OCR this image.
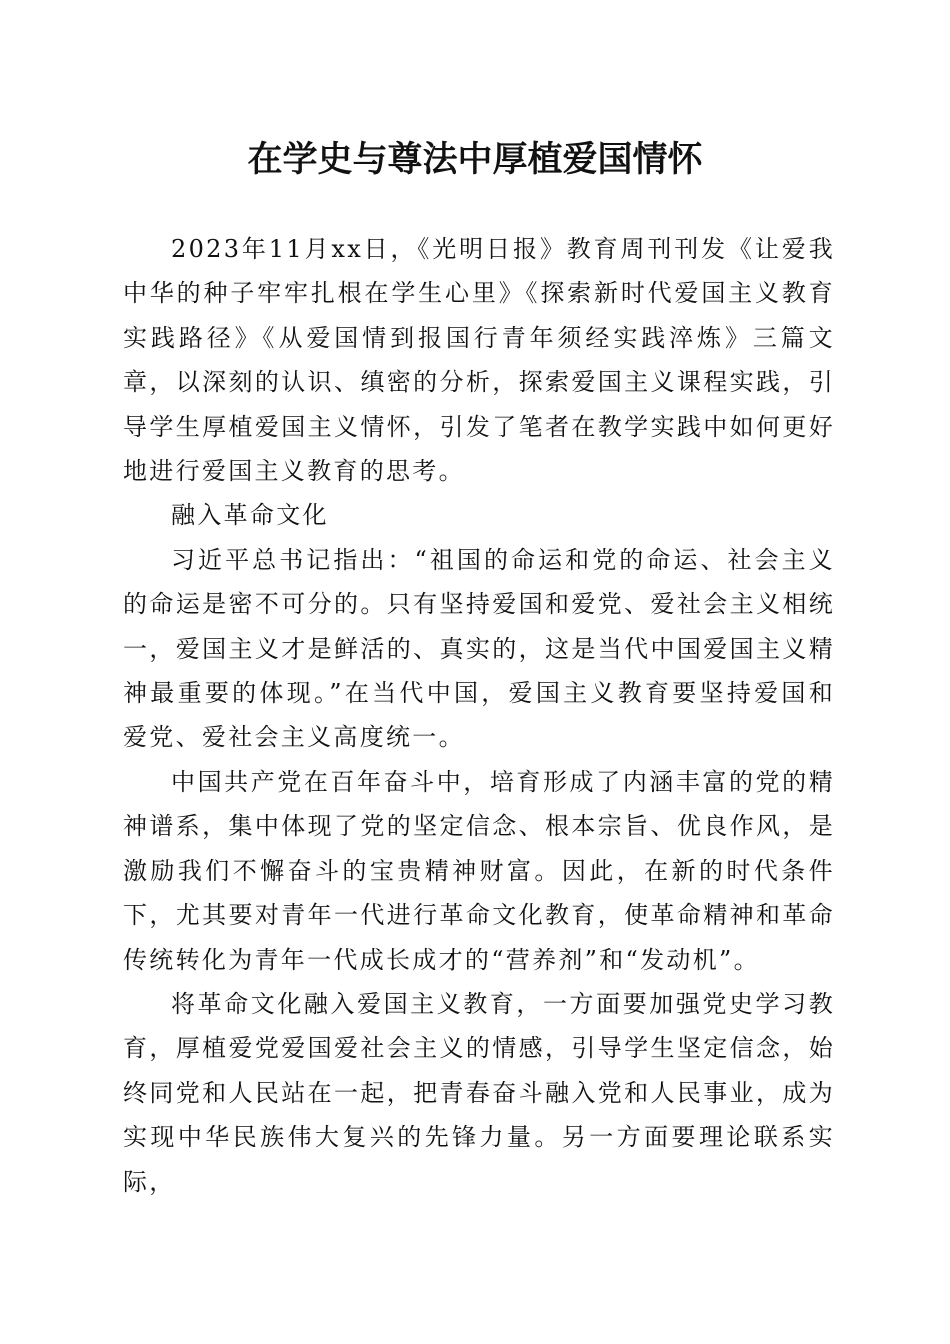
在学史与尊法中厚植爱国情怀

2023年11月xx日，《光明日报》教育周刊刊发《让爱我中华的种子牢牢扎根在学生心里》《探索新时代爱国主义教育实践路径》《从爱国情到报国行青年须经实践淬炼》三篇文章，以深刻的认识、缜密的分析，探索爱国主义课程实践，引导学生厚植爱国主义情怀，引发了笔者在教学实践中如何更好地进行爱国主义教育的思考。

融入革命文化

习近平总书记指出：“祖国的命运和党的命运、社会主义的命运是密不可分的。只有坚持爱国和爱党、爱社会主义相统一，爱国主义才是鲜活的、真实的，这是当代中国爱国主义精神最重要的体现。”在当代中国，爱国主义教育要坚持爱国和爱党、爱社会主义高度统一。

中国共产党在百年奋斗中，培育形成了内涵丰富的党的精神谱系，集中体现了党的坚定信念、根本宗旨、优良作风，是激励我们不懈奋斗的宝贵精神财富。因此，在新的时代条件下，尤其要对青年一代进行革命文化教育，使革命精神和革命传统转化为青年一代成长成才的“营养剂”和“发动机”。

将革命文化融入爱国主义教育，一方面要加强党史学习教育，厚植爱党爱国爱社会主义的情感，引导学生坚定信念，始终同党和人民站在一起，把青春奋斗融入党和人民事业，成为实现中华民族伟大复兴的先锋力量。另一方面要理论联系实际，
